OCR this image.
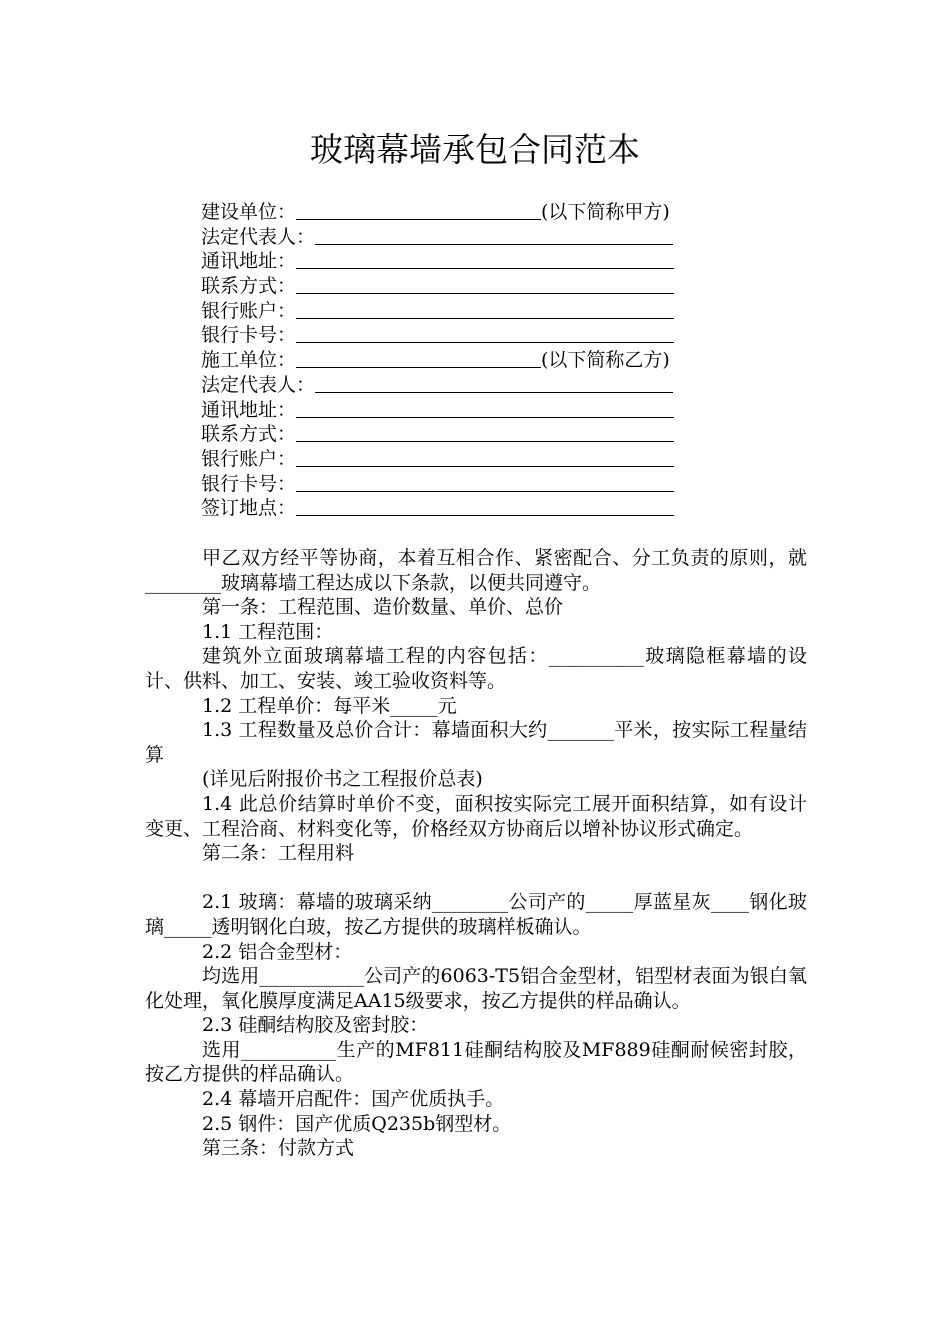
玻璃幕墙承包合同范本
建设单位：	(以下简称甲方)
法定代表人：
通讯地址：
联系方式：
银行账户：
银行卡号：
施工单位：	(以下简称乙方)
法定代表人：
通讯地址：
联系方式：
银行账户：
银行卡号：
签订地点：

甲乙双方经平等协商，本着互相合作、紧密配合、分工负责的原则，就________玻璃幕墙工程达成以下条款，以便共同遵守。

第一条：工程范围、造价数量、单价、总价

1.1 工程范围：

建筑外立面玻璃幕墙工程的内容包括：__________玻璃隐框幕墙的设计、供料、加工、安装、竣工验收资料等。

1.2 工程单价：每平米_____元

1.3 工程数量及总价合计：幕墙面积大约_______平米，按实际工程量结算

(详见后附报价书之工程报价总表)

1.4 此总价结算时单价不变，面积按实际完工展开面积结算，如有设计变更、工程洽商、材料变化等，价格经双方协商后以增补协议形式确定。

第二条：工程用料

2.1 玻璃：幕墙的玻璃采纳________公司产的_____厚蓝星灰____钢化玻璃_____透明钢化白玻，按乙方提供的玻璃样板确认。

2.2 铝合金型材：

均选用___________公司产的6063-T5铝合金型材，铝型材表面为银白氧化处理，氧化膜厚度满足AA15级要求，按乙方提供的样品确认。

2.3 硅酮结构胶及密封胶：

选用__________生产的MF811硅酮结构胶及MF889硅酮耐候密封胶，按乙方提供的样品确认。

2.4 幕墙开启配件：国产优质执手。

2.5 钢件：国产优质Q235b钢型材。

第三条：付款方式
